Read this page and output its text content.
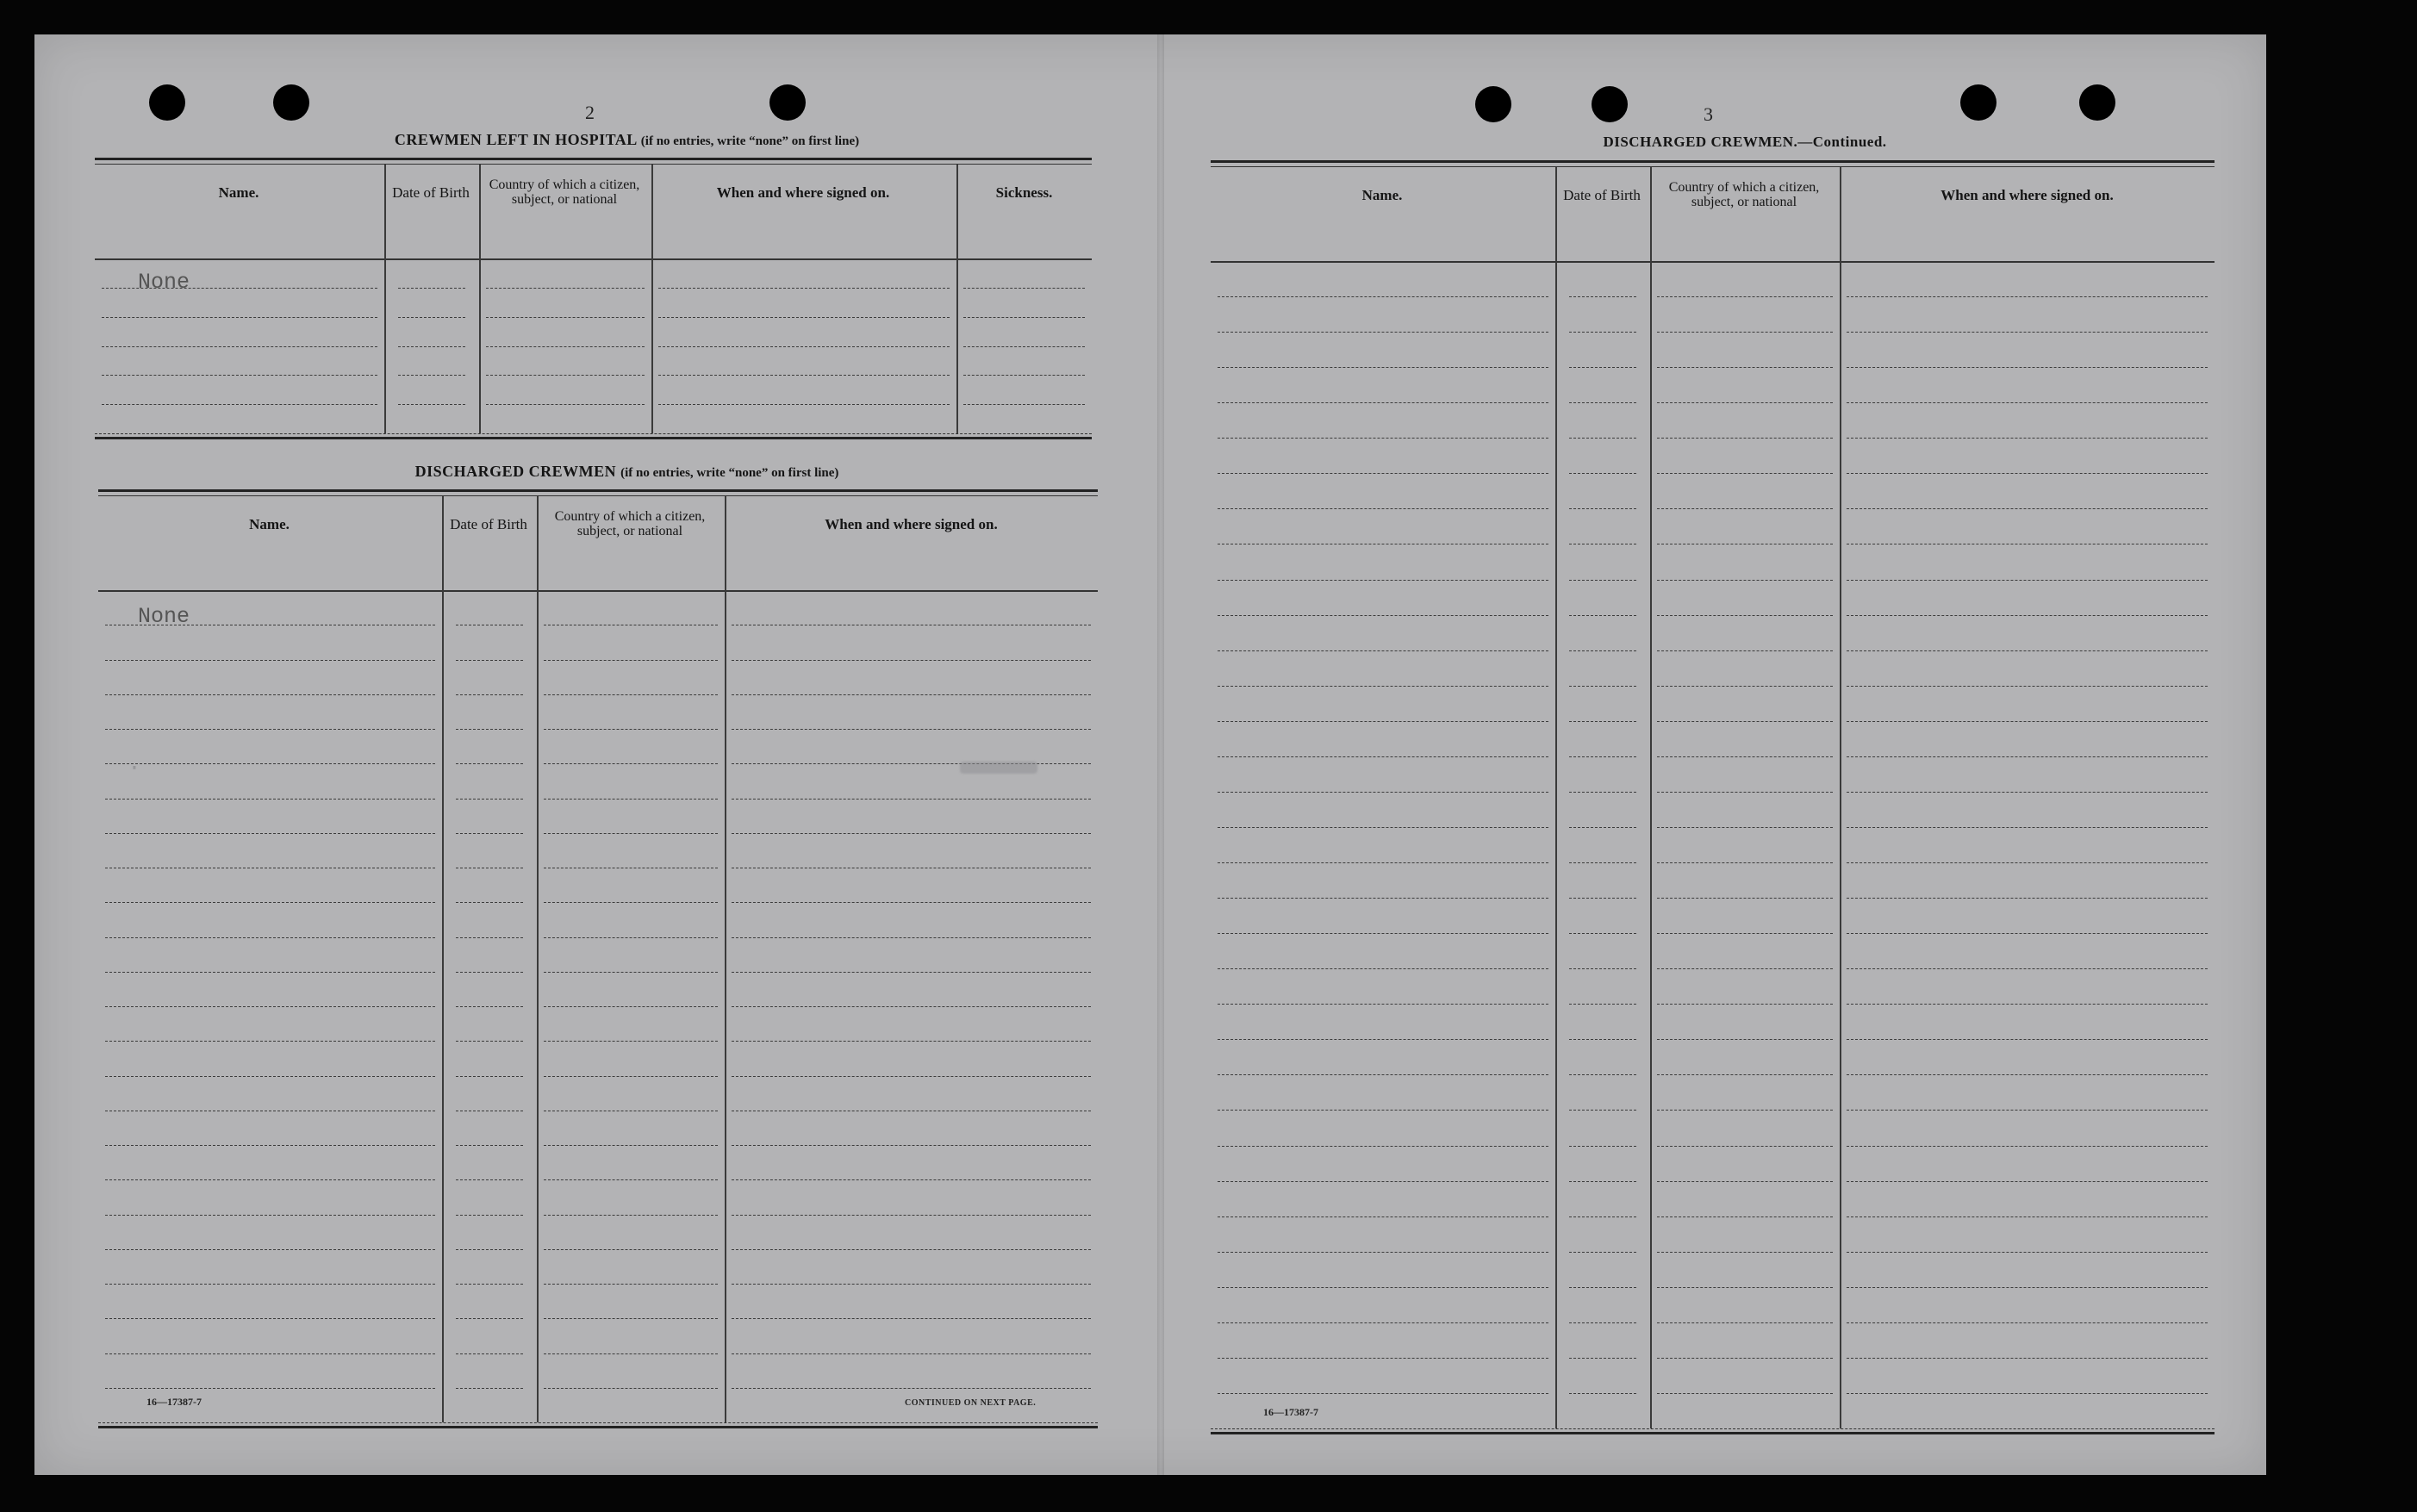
2
CREWMEN LEFT IN HOSPITAL (if no entries, write “none” on first line)
Name.	Date of Birth	Country of which a citizen, subject, or national	When and where signed on.	Sickness.
None
DISCHARGED CREWMEN (if no entries, write “none” on first line)
Name.	Date of Birth	Country of which a citizen, subject, or national	When and where signed on.
None
∙
16—17387-7	CONTINUED ON NEXT PAGE.
3
DISCHARGED CREWMEN.—Continued.
Name.	Date of Birth	Country of which a citizen, subject, or national	When and where signed on.
16—17387-7
